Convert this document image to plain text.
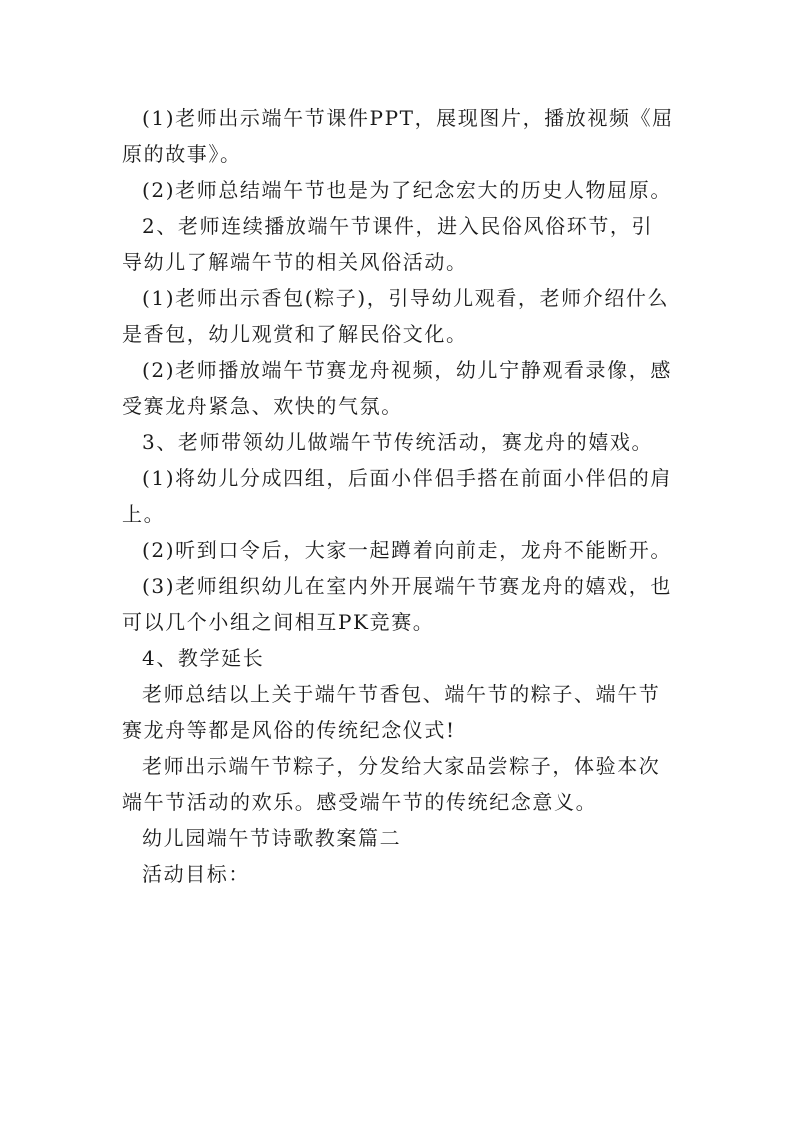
(1)老师出示端午节课件PPT，展现图片，播放视频《屈原的故事》。

(2)老师总结端午节也是为了纪念宏大的历史人物屈原。

2、老师连续播放端午节课件，进入民俗风俗环节，引导幼儿了解端午节的相关风俗活动。

(1)老师出示香包(粽子)，引导幼儿观看，老师介绍什么是香包，幼儿观赏和了解民俗文化。

(2)老师播放端午节赛龙舟视频，幼儿宁静观看录像，感受赛龙舟紧急、欢快的气氛。

3、老师带领幼儿做端午节传统活动，赛龙舟的嬉戏。

(1)将幼儿分成四组，后面小伴侣手搭在前面小伴侣的肩上。

(2)听到口令后，大家一起蹲着向前走，龙舟不能断开。

(3)老师组织幼儿在室内外开展端午节赛龙舟的嬉戏，也可以几个小组之间相互PK竞赛。

4、教学延长

老师总结以上关于端午节香包、端午节的粽子、端午节赛龙舟等都是风俗的传统纪念仪式!

老师出示端午节粽子，分发给大家品尝粽子，体验本次端午节活动的欢乐。感受端午节的传统纪念意义。

幼儿园端午节诗歌教案篇二

活动目标：
